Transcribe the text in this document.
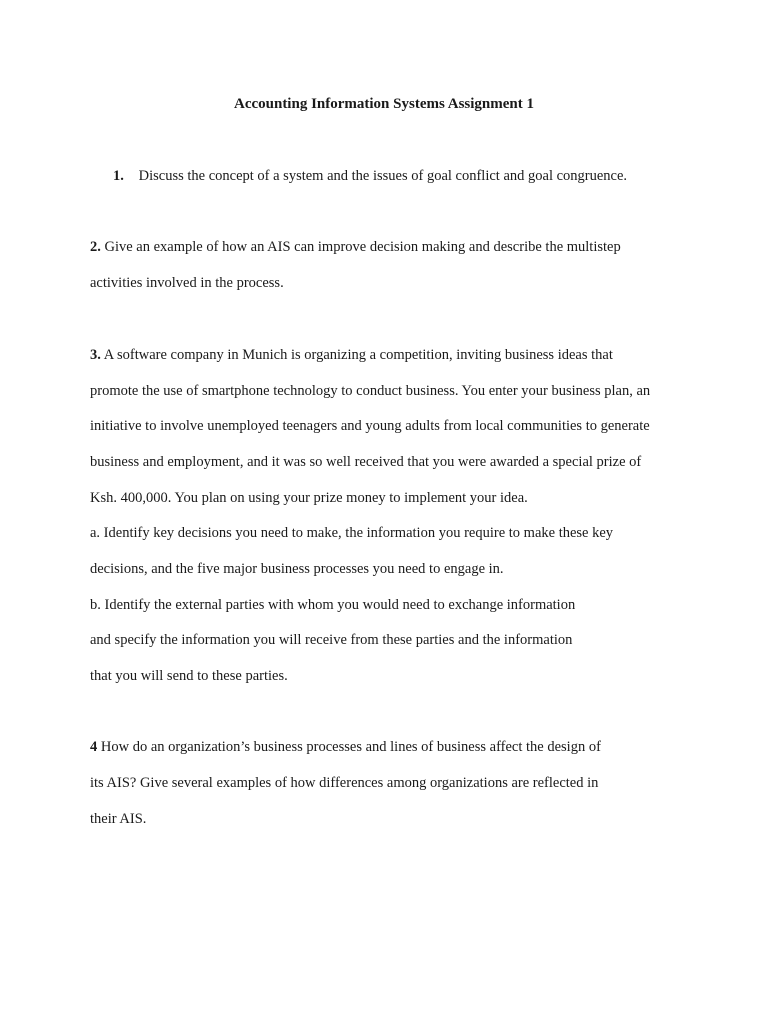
Accounting Information Systems Assignment 1
1. Discuss the concept of a system and the issues of goal conflict and goal congruence.
2. Give an example of how an AIS can improve decision making and describe the multistep
activities involved in the process.
3. A software company in Munich is organizing a competition, inviting business ideas that
promote the use of smartphone technology to conduct business. You enter your business plan, an
initiative to involve unemployed teenagers and young adults from local communities to generate
business and employment, and it was so well received that you were awarded a special prize of
Ksh. 400,000. You plan on using your prize money to implement your idea.
a. Identify key decisions you need to make, the information you require to make these key
decisions, and the five major business processes you need to engage in.
b. Identify the external parties with whom you would need to exchange information
and specify the information you will receive from these parties and the information
that you will send to these parties.
4 How do an organization’s business processes and lines of business affect the design of
its AIS? Give several examples of how differences among organizations are reflected in
their AIS.
